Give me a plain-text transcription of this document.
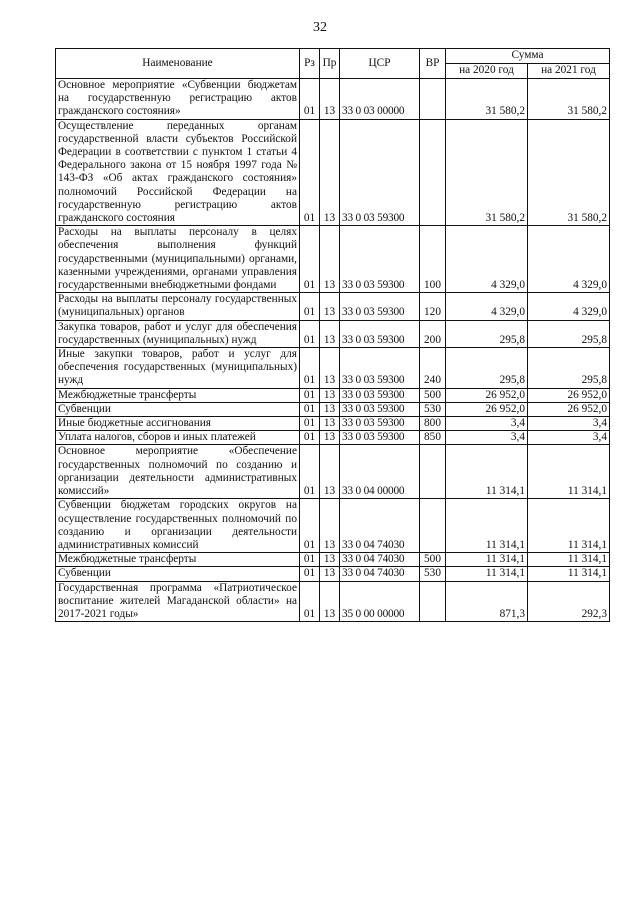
32
Наименование	Рз	Пр	ЦСР	ВР	Сумма	
					на 2020 год	на 2021 год
Основное мероприятие «Субвенции бюджетам на государственную регистрацию актов гражданского состояния»	01	13	33 0 03 00000		31 580,2	31 580,2
Осуществление переданных органам государственной власти субъектов Российской Федерации в соответствии с пунктом 1 статьи 4 Федерального закона от 15 ноября 1997 года № 143-ФЗ «Об актах гражданского состояния» полномочий Российской Федерации на государственную регистрацию актов гражданского состояния	01	13	33 0 03 59300		31 580,2	31 580,2
Расходы на выплаты персоналу в целях обеспечения выполнения функций государственными (муниципальными) органами, казенными учреждениями, органами управления государственными внебюджетными фондами	01	13	33 0 03 59300	100	4 329,0	4 329,0
Расходы на выплаты персоналу государственных (муниципальных) органов	01	13	33 0 03 59300	120	4 329,0	4 329,0
Закупка товаров, работ и услуг для обеспечения государственных (муниципальных) нужд	01	13	33 0 03 59300	200	295,8	295,8
Иные закупки товаров, работ и услуг для обеспечения государственных (муниципальных) нужд	01	13	33 0 03 59300	240	295,8	295,8
Межбюджетные трансферты	01	13	33 0 03 59300	500	26 952,0	26 952,0
Субвенции	01	13	33 0 03 59300	530	26 952,0	26 952,0
Иные бюджетные ассигнования	01	13	33 0 03 59300	800	3,4	3,4
Уплата налогов, сборов и иных платежей	01	13	33 0 03 59300	850	3,4	3,4
Основное мероприятие «Обеспечение государственных полномочий по созданию и организации деятельности административных комиссий»	01	13	33 0 04 00000		11 314,1	11 314,1
Субвенции бюджетам городских округов на осуществление государственных полномочий по созданию и организации деятельности административных комиссий	01	13	33 0 04 74030		11 314,1	11 314,1
Межбюджетные трансферты	01	13	33 0 04 74030	500	11 314,1	11 314,1
Субвенции	01	13	33 0 04 74030	530	11 314,1	11 314,1
Государственная программа «Патриотическое воспитание жителей Магаданской области» на 2017-2021 годы»	01	13	35 0 00 00000		871,3	292,3
